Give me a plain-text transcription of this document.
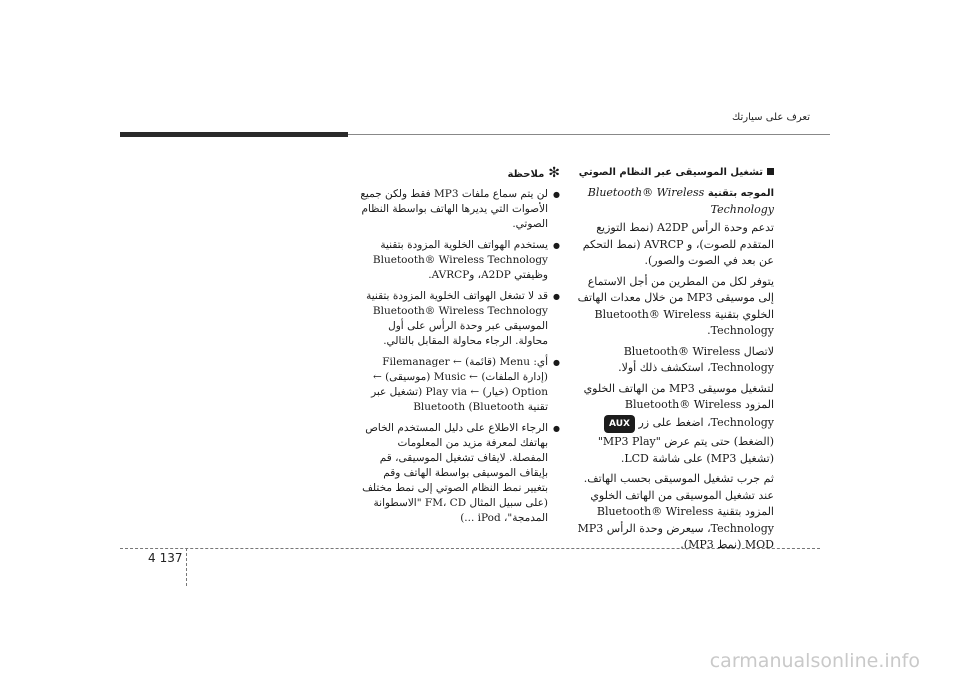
تعرف على سيارتك
تشغيل الموسيقى عبر النظام الصوتي
الموجه بتقنية Bluetooth® Wireless Technology

تدعم وحدة الرأس A2DP (نمط التوزيع المتقدم للصوت)، و AVRCP (نمط التحكم عن بعد في الصوت والصور).

يتوفر لكل من المطرين من أجل الاستماع إلى موسيقى MP3 من خلال معدات الهاتف الخلوي بتقنية Bluetooth® Wireless Technology.

لاتصال Bluetooth® Wireless Technology، استكشف ذلك أولا.

لتشغيل موسيقى MP3 من الهاتف الخلوي المزود Bluetooth® Wireless Technology، اضغط على زر AUX (الضغط) حتى يتم عرض "MP3 Play" (تشغيل MP3) على شاشة LCD.

ثم جرب تشغيل الموسيقى بحسب الهاتف. عند تشغيل الموسيقى من الهاتف الخلوي المزود بتقنية Bluetooth® Wireless Technology، سيعرض وحدة الرأس MP3 MOD (نمط MP3).

✻ملاحظة
● لن يتم سماع ملفات MP3 فقط ولكن جميع الأصوات التي يديرها الهاتف بواسطة النظام الصوتي.
● يستخدم الهواتف الخلوية المزودة بتقنية Bluetooth® Wireless Technology وظيفتي A2DP، وAVRCP.
● قد لا تشغل الهواتف الخلوية المزودة بتقنية Bluetooth® Wireless Technology الموسيقى عبر وحدة الرأس على أول محاولة. الرجاء محاولة المقابل بالتالي.
● أي: Menu (قائمة) ← Filemanager (إدارة الملفات) ← Music (موسيقى) ← Option (خيار) ← Play via (تشغيل عبر تقنية Bluetooth (Bluetooth
● الرجاء الاطلاع على دليل المستخدم الخاص بهاتفك لمعرفة مزيد من المعلومات المفصلة. لايقاف تشغيل الموسيقى، قم بإيقاف الموسيقى بواسطة الهاتف وقم بتغيير نمط النظام الصوتي إلى نمط مختلف (على سبيل المثال FM، CD "الاسطوانة المدمجة"، iPod ...)
4 137
carmanualsonline.info
